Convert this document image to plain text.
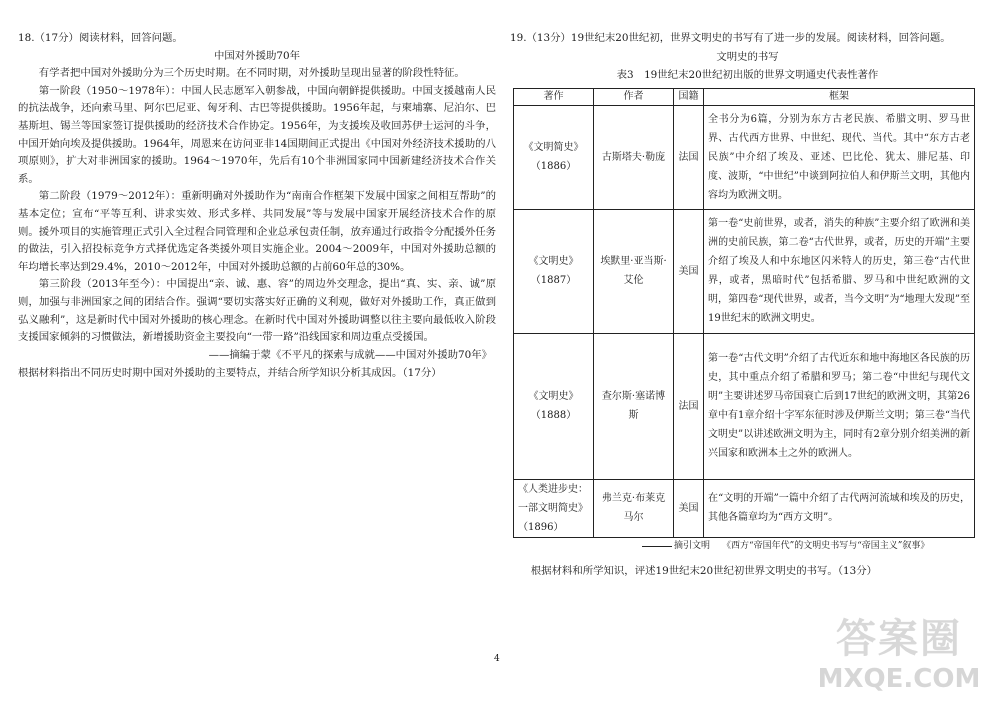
18.（17分）阅读材料，回答问题。
中国对外援助70年

有学者把中国对外援助分为三个历史时期。在不同时期，对外援助呈现出显著的阶段性特征。

第一阶段（1950～1978年）：中国人民志愿军入朝参战，中国向朝鲜提供援助。中国支援越南人民的抗法战争，还向索马里、阿尔巴尼亚、匈牙利、古巴等提供援助。1956年起，与柬埔寨、尼泊尔、巴基斯坦、锡兰等国家签订提供援助的经济技术合作协定。1956年，为支援埃及收回苏伊士运河的斗争，中国开始向埃及提供援助。1964年，周恩来在访问亚非14国期间正式提出《中国对外经济技术援助的八项原则》，扩大对非洲国家的援助。1964～1970年，先后有10个非洲国家同中国新建经济技术合作关系。

第二阶段（1979～2012年）：重新明确对外援助作为“南南合作框架下发展中国家之间相互帮助”的基本定位；宣布“平等互利、讲求实效、形式多样、共同发展”等与发展中国家开展经济技术合作的原则。援外项目的实施管理正式引入全过程合同管理和企业总承包责任制，放弃通过行政指令分配援外任务的做法，引入招投标竞争方式择优选定各类援外项目实施企业。2004～2009年，中国对外援助总额的年均增长率达到29.4%，2010～2012年，中国对外援助总额的占前60年总的30%。

第三阶段（2013年至今）：中国提出“亲、诚、惠、容”的周边外交理念，提出“真、实、亲、诚”原则，加强与非洲国家之间的团结合作。强调“要切实落实好正确的义利观，做好对外援助工作，真正做到弘义融利”，这是新时代中国对外援助的核心理念。在新时代中国对外援助调整以往主要向最低收入阶段支援国家倾斜的习惯做法，新增援助资金主要投向“一带一路”沿线国家和周边重点受援国。

——摘编于蒙《不平凡的探索与成就——中国对外援助70年》

根据材料指出不同历史时期中国对外援助的主要特点，并结合所学知识分析其成因。（17分）

19.（13分）19世纪末20世纪初，世界文明史的书写有了进一步的发展。阅读材料，回答问题。
文明史的书写
表3　19世纪末20世纪初出版的世界文明通史代表性著作
著作	作者	国籍	框架
《文明简史》（1886）	古斯塔夫·勒庞	法国	全书分为6篇，分别为东方古老民族、希腊文明、罗马世界、古代西方世界、中世纪、现代、当代。其中“东方古老民族”中介绍了埃及、亚述、巴比伦、犹太、腓尼基、印度、波斯，“中世纪”中谈到阿拉伯人和伊斯兰文明，其他内容均为欧洲文明。
《文明史》（1887）	埃默里·亚当斯·艾伦	美国	第一卷“史前世界，或者，消失的种族”主要介绍了欧洲和美洲的史前民族，第二卷“古代世界，或者，历史的开端”主要介绍了埃及人和中东地区闪米特人的历史，第三卷“古代世界，或者，黑暗时代”包括希腊、罗马和中世纪欧洲的文明，第四卷“现代世界，或者，当今文明”为“地理大发现”至19世纪末的欧洲文明史。
《文明史》（1888）	查尔斯·塞诺博斯	法国	第一卷“古代文明”介绍了古代近东和地中海地区各民族的历史，其中重点介绍了希腊和罗马；第二卷“中世纪与现代文明”主要讲述罗马帝国衰亡后到17世纪的欧洲文明，其第26章中有1章介绍十字军东征时涉及伊斯兰文明；第三卷“当代文明史”以讲述欧洲文明为主，同时有2章分别介绍美洲的新兴国家和欧洲本土之外的欧洲人。
《人类进步史：一部文明简史》（1896）	弗兰克·布莱克马尔	美国	在“文明的开端”一篇中介绍了古代两河流域和埃及的历史，其他各篇章均为“西方文明”。
摘引文明 《西方“帝国年代”的文明史书写与“帝国主义”叙事》

根据材料和所学知识，评述19世纪末20世纪初世界文明史的书写。（13分）

4	答案圈
MXQE.COM
